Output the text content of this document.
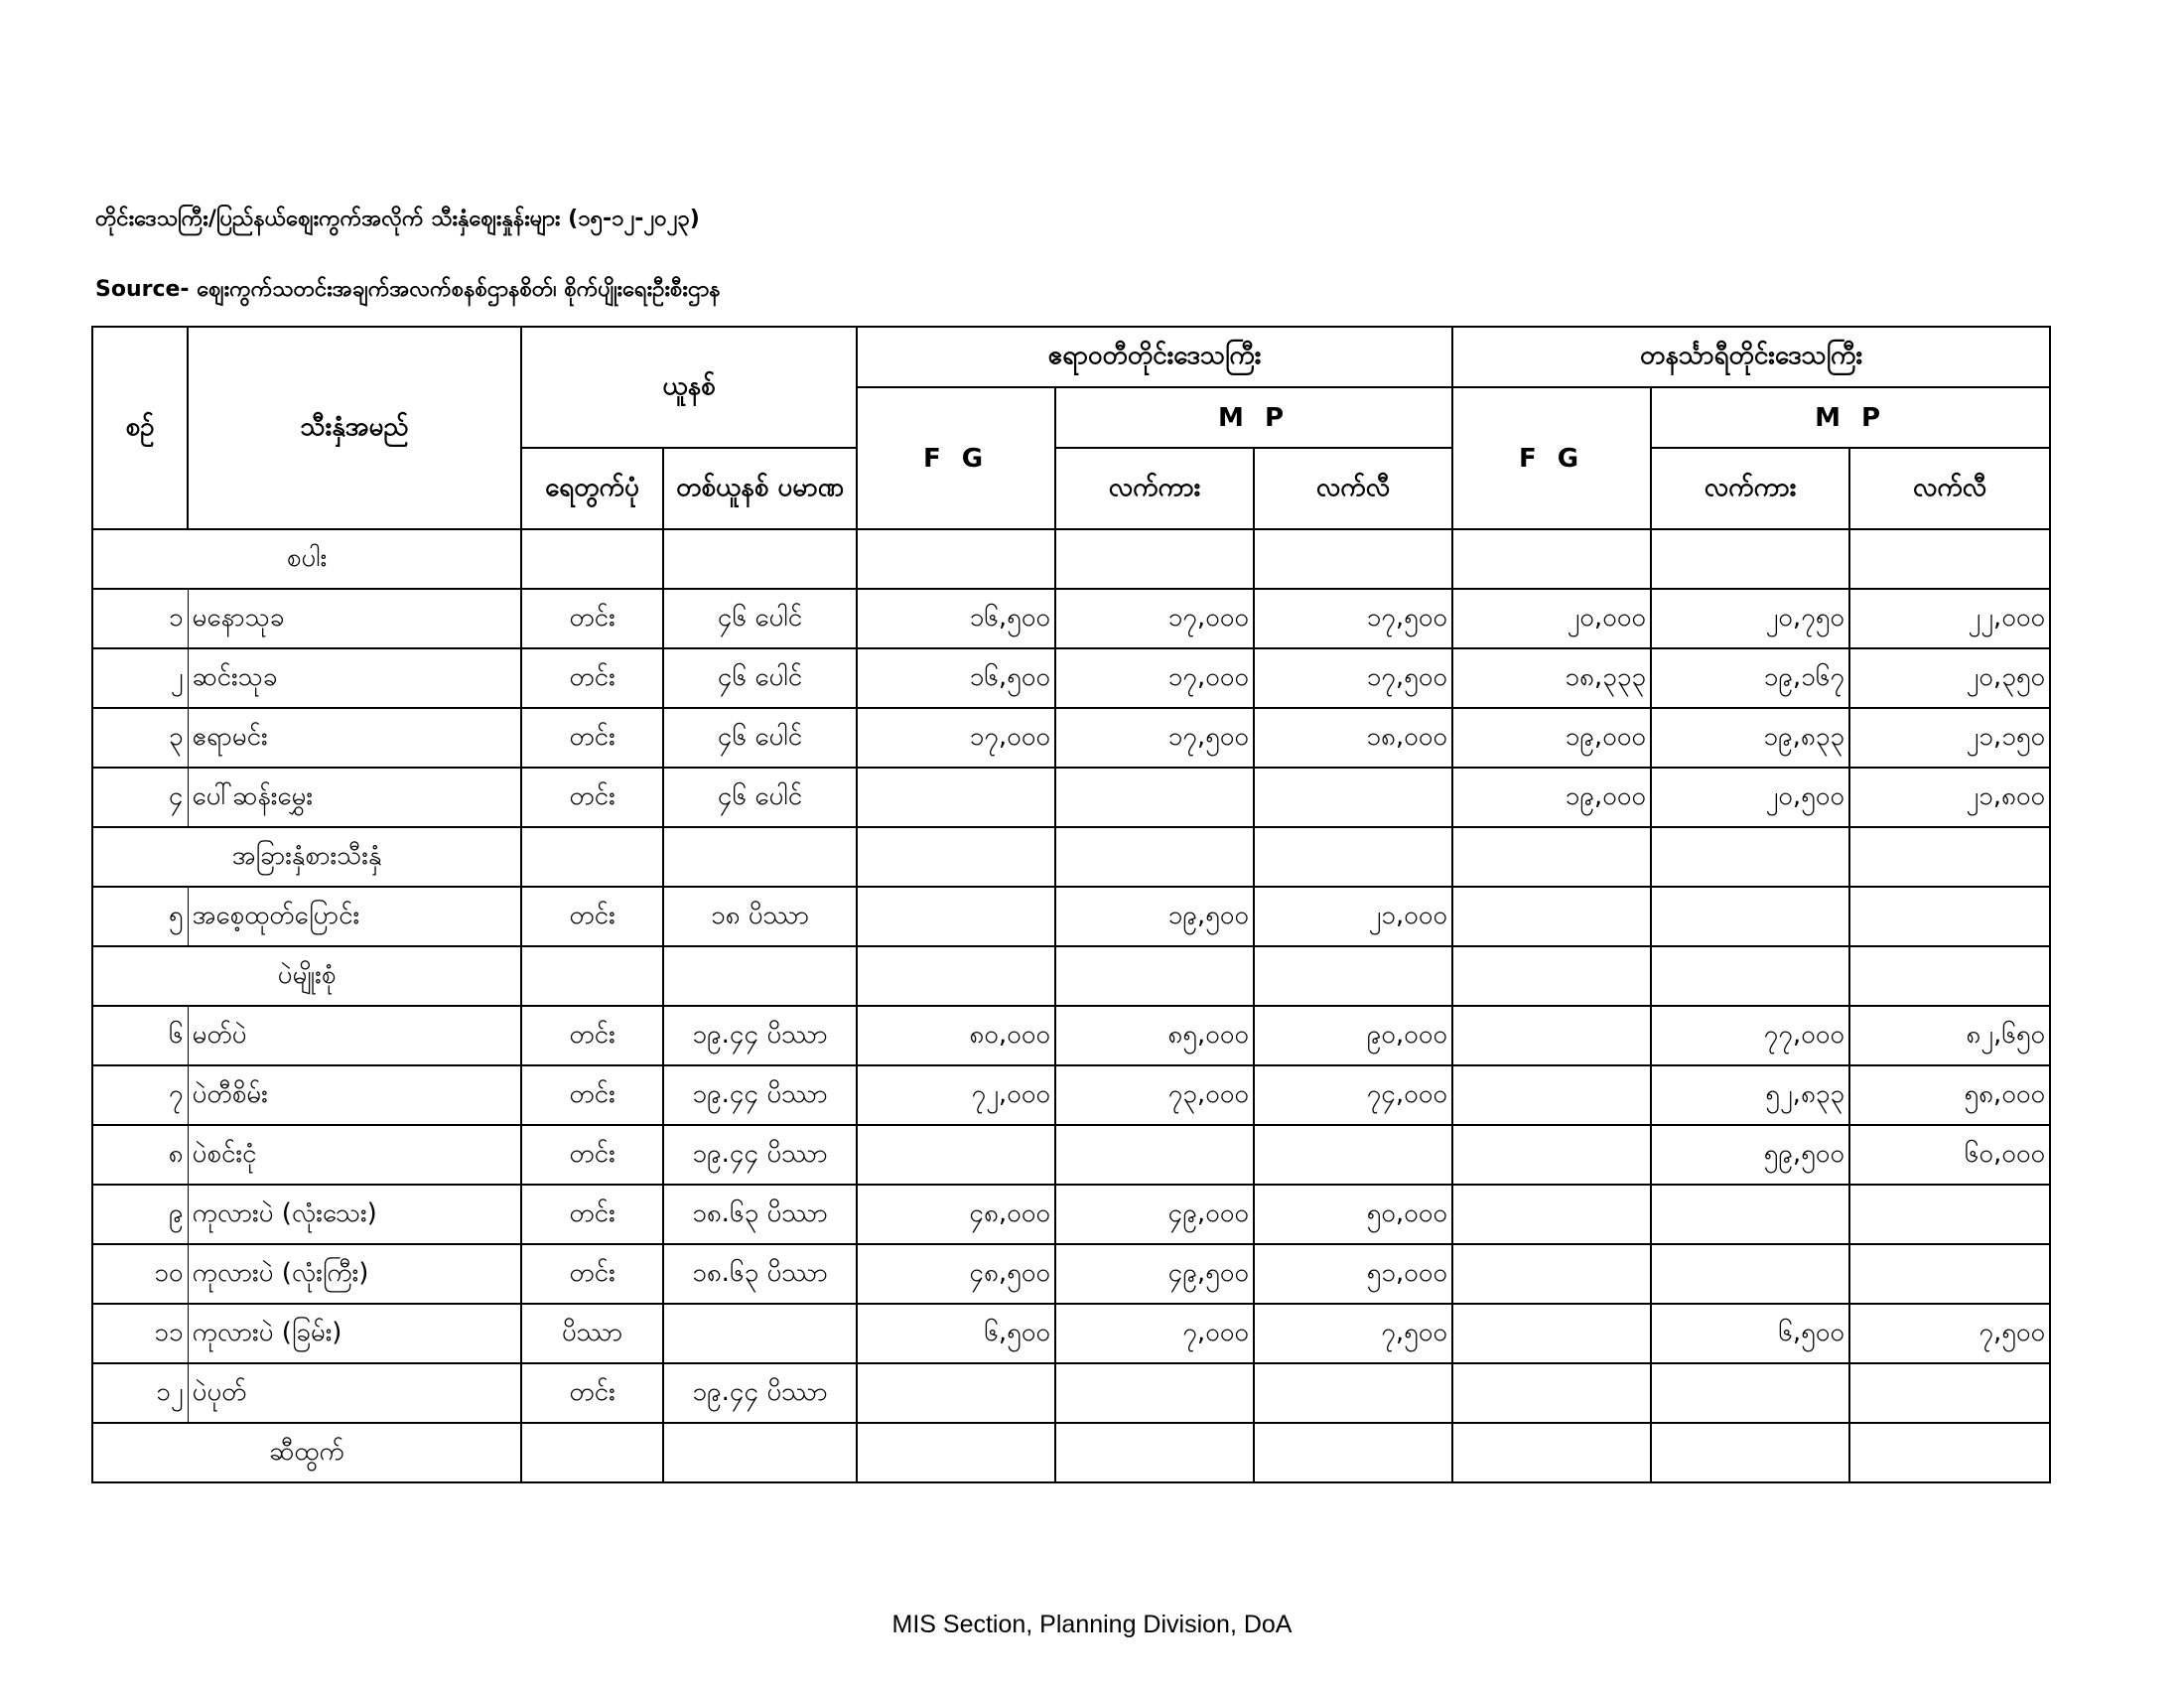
တိုင်းဒေသကြီး/ပြည်နယ်ဈေးကွက်အလိုက် သီးနှံဈေးနှုန်းများ (၁၅-၁၂-၂၀၂၃)
Source- ဈေးကွက်သတင်းအချက်အလက်စနစ်ဌာနစိတ်၊ စိုက်ပျိုးရေးဦးစီးဌာန
စဉ်	သီးနှံအမည်	ယူနစ်		ဧရာဝတီတိုင်းဒေသကြီး			တနင်္သာရီတိုင်းဒေသကြီး		
				F G	M P		F G	M P	
		ရေတွက်ပုံ	တစ်ယူနစ် ပမာဏ		လက်ကား	လက်လီ		လက်ကား	လက်လီ
စပါး									
၁	မနောသုခ	တင်း	၄၆ ပေါင်	၁၆,၅၀၀	၁၇,၀၀၀	၁၇,၅၀၀	၂၀,၀၀၀	၂၀,၇၅၀	၂၂,၀၀၀
၂	ဆင်းသုခ	တင်း	၄၆ ပေါင်	၁၆,၅၀၀	၁၇,၀၀၀	၁၇,၅၀၀	၁၈,၃၃၃	၁၉,၁၆၇	၂၀,၃၅၀
၃	ဧရာမင်း	တင်း	၄၆ ပေါင်	၁၇,၀၀၀	၁၇,၅၀၀	၁၈,၀၀၀	၁၉,၀၀၀	၁၉,၈၃၃	၂၁,၁၅၀
၄	ပေါ်ဆန်းမွှေး	တင်း	၄၆ ပေါင်				၁၉,၀၀၀	၂၀,၅၀၀	၂၁,၈၀၀
အခြားနှံစားသီးနှံ									
၅	အစေ့ထုတ်ပြောင်း	တင်း	၁၈ ပိဿာ		၁၉,၅၀၀	၂၁,၀၀၀			
ပဲမျိုးစုံ									
၆	မတ်ပဲ	တင်း	၁၉.၄၄ ပိဿာ	၈၀,၀၀၀	၈၅,၀၀၀	၉၀,၀၀၀		၇၇,၀၀၀	၈၂,၆၅၀
၇	ပဲတီစိမ်း	တင်း	၁၉.၄၄ ပိဿာ	၇၂,၀၀၀	၇၃,၀၀၀	၇၄,၀၀၀		၅၂,၈၃၃	၅၈,၀၀၀
၈	ပဲစင်းငုံ	တင်း	၁၉.၄၄ ပိဿာ					၅၉,၅၀၀	၆၀,၀၀၀
၉	ကုလားပဲ (လုံးသေး)	တင်း	၁၈.၆၃ ပိဿာ	၄၈,၀၀၀	၄၉,၀၀၀	၅၀,၀၀၀			
၁၀	ကုလားပဲ (လုံးကြီး)	တင်း	၁၈.၆၃ ပိဿာ	၄၈,၅၀၀	၄၉,၅၀၀	၅၁,၀၀၀			
၁၁	ကုလားပဲ (ခြမ်း)	ပိဿာ		၆,၅၀၀	၇,၀၀၀	၇,၅၀၀		၆,၅၀၀	၇,၅၀၀
၁၂	ပဲပုတ်	တင်း	၁၉.၄၄ ပိဿာ						
ဆီထွက်									
MIS Section, Planning Division, DoA
